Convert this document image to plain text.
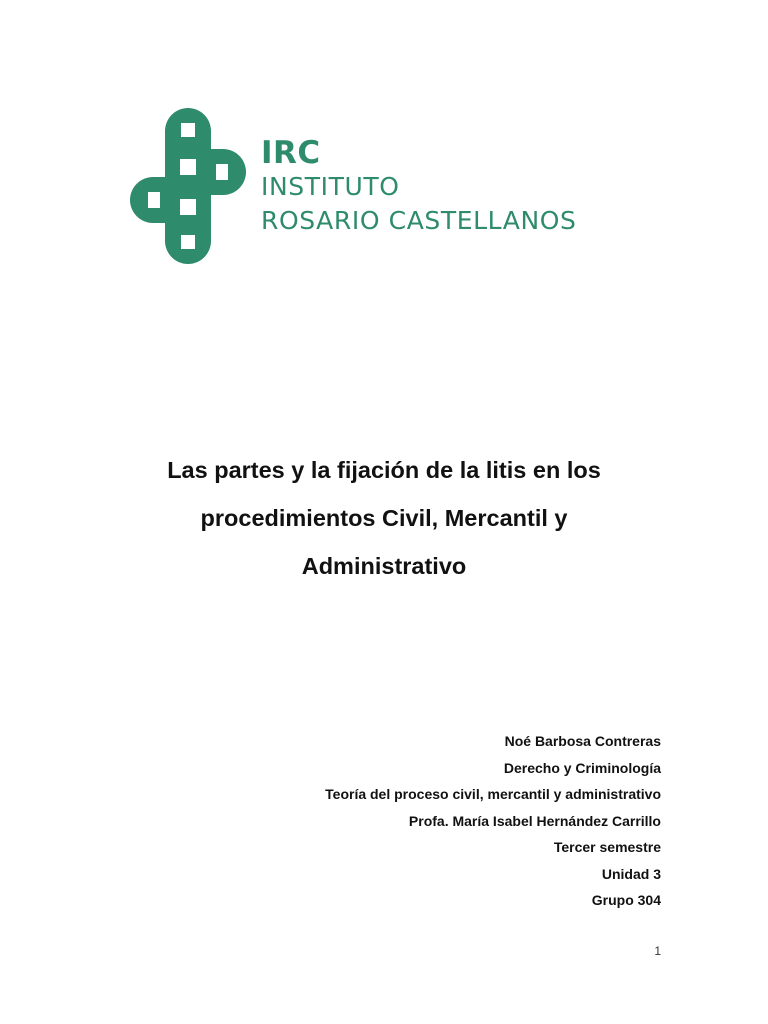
IRC
INSTITUTO
ROSARIO CASTELLANOS
Las partes y la fijación de la litis en los
procedimientos Civil, Mercantil y
Administrativo
Noé Barbosa Contreras
Derecho y Criminología
Teoría del proceso civil, mercantil y administrativo
Profa. María Isabel Hernández Carrillo
Tercer semestre
Unidad 3
Grupo 304
1
